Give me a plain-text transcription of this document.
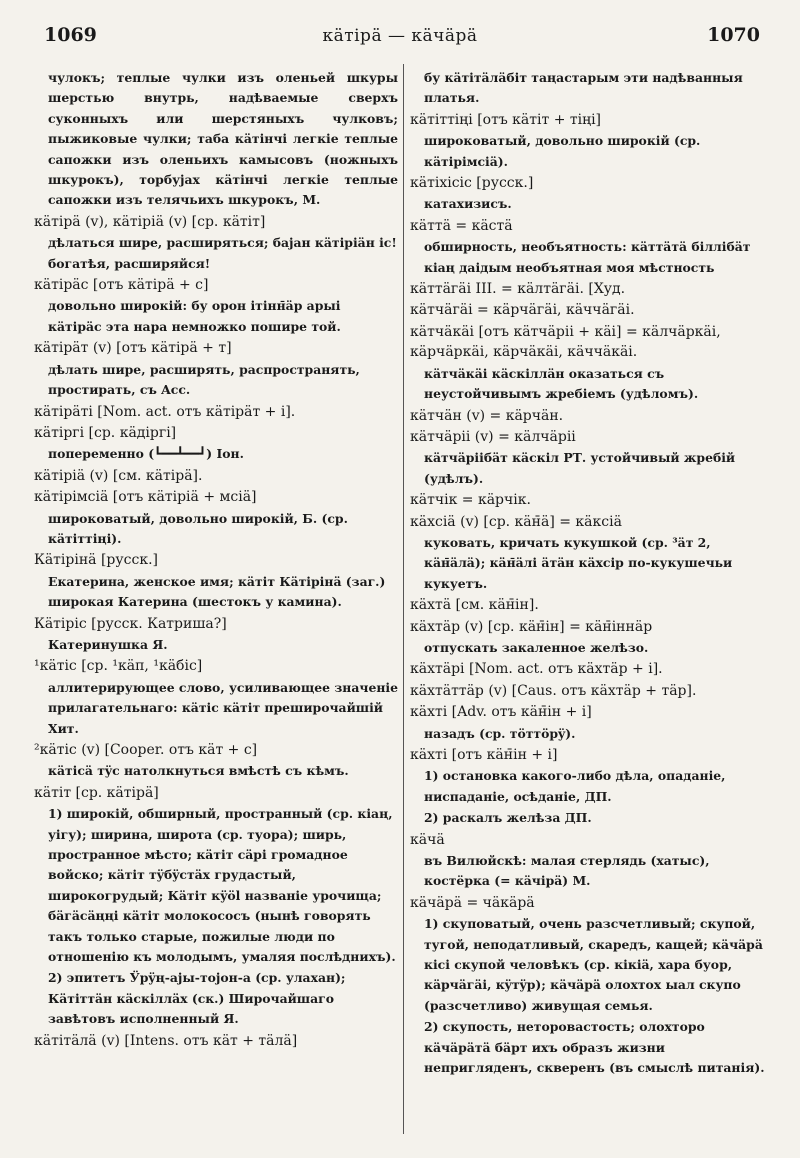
1069	кäтiрä — кäчäрä	1070
чулокъ; теплые чулки изъ оленьей шкуры шерстью внутрь, надѣваемые сверхъ суконныхъ или шерстяныхъ чулковъ; пыжиковые чулки; таба кäтiнчi легкiе теплые сапожки изъ оленьихъ камысовъ (ножныхъ шкурокъ), торбуjах кäтiнчi легкiе теплые сапожки изъ телячьихъ шкурокъ, М.
кäтiрä (v), кäтiрiä (v) [ср. кäтiт]
дѣлаться шире, расширяться; баjан кäтiрiäн iс! богатѣя, расширяйся!
кäтiрäс [отъ кäтiрä + с]
довольно широкiй: бу орон iтiнн̄äр арыi кäтiрäс эта нара немножко пошире той.
кäтiрäт (v) [отъ кäтiрä + т]
дѣлать шире, расширять, распространять, простирать, съ Acc.
кäтiрäтi [Nom. act. отъ кäтiрäт + i].
кäтiргi [ср. кäдiргi]
попеременно (┗━━┻━━┛) Іон.
кäтiрiä (v) [см. кäтiрä].
кäтiрiмсiä [отъ кäтiрiä + мсiä]
широковатый, довольно широкiй, Б. (ср. кäтiттiңi).
Кäтiрiнä [русск.]
Екатерина, женское имя; кäтiт Кäтiрiнä (заг.) широкая Катерина (шестокъ у камина).
Кäтiрiс [русск. Катриша?]
Катеринушка Я.
¹кäтiс [ср. ¹кäп, ¹кäбiс]
аллитерирующее слово, усиливающее значенiе прилагательнаго: кäтiс кäтiт преширочайшiй Хит.
²кäтiс (v) [Cooper. отъ кäт + с]
кäтiсä тÿс натолкнуться вмѣстѣ съ кѣмъ.
кäтiт [ср. кäтiрä]
1) широкiй, обширный, пространный (ср. кiаң, уiгу); ширина, широта (ср. туора); ширь, пространное мѣсто; кäтiт сäрi громадное войско; кäтiт тÿбÿстäх грудастый, широкогрудый; Кäтiт кÿöl названiе урочища; бäгäсäңңi кäтiт молокососъ (нынѣ говорять такъ только старые, пожилые люди по отношенiю къ молодымъ, умаляя послѣднихъ).
2) эпитетъ Ӱрÿң-аjы-тоjон-а (ср. улахан); Кäтiттäн кäскiллäх (ск.) Широчайшаго завѣтовъ исполненный Я.
кäтiтäлä (v) [Intens. отъ кäт + тäлä]
бу кäтiтäлäбiт таңастарым эти надѣванныя платья.
кäтiттiңi [отъ кäтiт + тiңi]
широковатый, довольно широкiй (ср. кäтiрiмсiä).
кäтiхiсiс [русск.]
катахизисъ.
кäттä = кäстä
обширность, необъятность: кäттäтä бiллiбäт кiаң даiдым необъятная моя мѣстность
кäттäгäi III. = кäлтäгäi. [Худ.
кäтчäгäi = кäрчäгäi, кäччäгäi.
кäтчäкäi [отъ кäтчäрii + кäi] = кäлчäркäi, кäрчäркäi, кäрчäкäi, кäччäкäi.
кäтчäкäi кäскiллäн оказаться съ неустойчивымъ жребiемъ (удѣломъ).
кäтчäн (v) = кäрчäн.
кäтчäрii (v) = кäлчäрii
кäтчäрiiбäт кäскiл РТ. устойчивый жребiй (удѣлъ).
кäтчiк = кäрчiк.
кäхсiä (v) [ср. кäн̄ä] = кäксiä
куковать, кричать кукушкой (ср. ³äт 2, кäн̄äлä); кäн̄äлi äтäн кäхсiр по-кукушечьи кукуетъ.
кäхтä [см. кäн̄iн].
кäхтäр (v) [ср. кäн̄iн] = кäн̄iннäр
отпускать закаленное желѣзо.
кäхтäрi [Nom. act. отъ кäхтäр + i].
кäхтäттäр (v) [Caus. отъ кäхтäр + тäр].
кäхтi [Adv. отъ кäн̄iн + i]
назадъ (ср. тöттöрÿ).
кäхтi [отъ кäн̄iн + i]
1) остановка какого-либо дѣла, опаданiе, ниспаданiе, осѣданiе, ДП.
2) раскалъ желѣза ДП.
кäчä
въ Вилюйскѣ: малая стерлядь (хатыс), костёрка (= кäчiрä) М.
кäчäрä = чäкäрä
1) скуповатый, очень разсчетливый; скупой, тугой, неподатливый, скаредъ, кащей; кäчäрä кiсi скупой человѣкъ (ср. кiкiä, хара буор, кäрчäгäi, кÿтÿр); кäчäрä олохтох ыал скупо (разсчетливо) живущая семья.
2) скупость, неторовастость; олохторо кäчäрäтä бäрт ихъ образъ жизни непригляденъ, скверенъ (въ смыслѣ питанiя).
